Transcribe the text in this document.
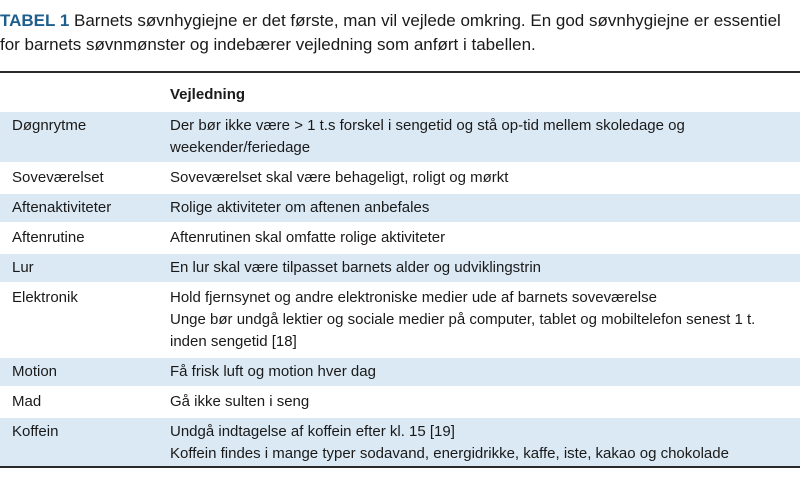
TABEL 1 Barnets søvnhygiejne er det første, man vil vejlede omkring. En god søvnhygiejne er essentiel for barnets søvnmønster og indebærer vejledning som anført i tabellen.

	Vejledning
Døgnrytme	Der bør ikke være > 1 t.s forskel i sengetid og stå op-tid mellem skoledage og weekender/feriedage

Soveværelset	Soveværelset skal være behageligt, roligt og mørkt

Aftenaktiviteter	Rolige aktiviteter om aftenen anbefales

Aftenrutine	Aftenrutinen skal omfatte rolige aktiviteter

Lur	En lur skal være tilpasset barnets alder og udviklingstrin

Elektronik	Hold fjernsynet og andre elektroniske medier ude af barnets soveværelse
Unge bør undgå lektier og sociale medier på computer, tablet og mobiltelefon senest 1 t. inden sengetid [18]

Motion	Få frisk luft og motion hver dag

Mad	Gå ikke sulten i seng

Koffein	Undgå indtagelse af koffein efter kl. 15 [19]
Koffein findes i mange typer sodavand, energidrikke, kaffe, iste, kakao og chokolade
